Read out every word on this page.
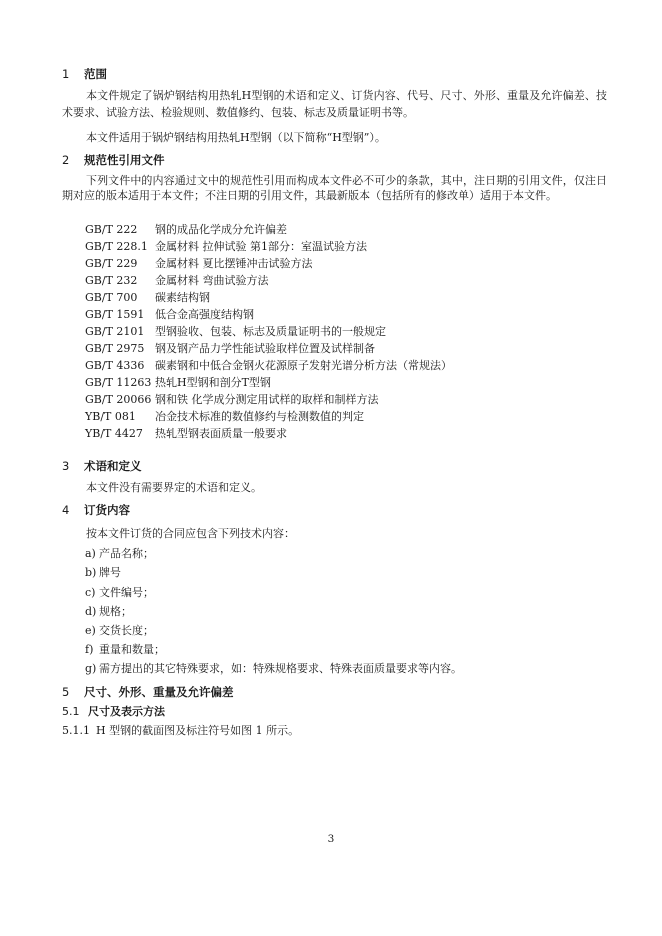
1 范围
本文件规定了锅炉钢结构用热轧H型钢的术语和定义、订货内容、代号、尺寸、外形、重量及允许偏差、技术要求、试验方法、检验规则、数值修约、包装、标志及质量证明书等。
本文件适用于锅炉钢结构用热轧H型钢（以下简称“H型钢”）。
2 规范性引用文件
下列文件中的内容通过文中的规范性引用而构成本文件必不可少的条款，其中，注日期的引用文件，仅注日期对应的版本适用于本文件；不注日期的引用文件，其最新版本（包括所有的修改单）适用于本文件。
GB/T 222 钢的成品化学成分允许偏差
GB/T 228.1 金属材料 拉伸试验 第1部分：室温试验方法
GB/T 229 金属材料 夏比摆锤冲击试验方法
GB/T 232 金属材料 弯曲试验方法
GB/T 700 碳素结构钢
GB/T 1591 低合金高强度结构钢
GB/T 2101 型钢验收、包装、标志及质量证明书的一般规定
GB/T 2975 钢及钢产品力学性能试验取样位置及试样制备
GB/T 4336 碳素钢和中低合金钢火花源原子发射光谱分析方法（常规法）
GB/T 11263 热轧H型钢和剖分T型钢
GB/T 20066 钢和铁 化学成分测定用试样的取样和制样方法
YB/T 081 冶金技术标准的数值修约与检测数值的判定
YB/T 4427 热轧型钢表面质量一般要求
3 术语和定义
本文件没有需要界定的术语和定义。
4 订货内容
按本文件订货的合同应包含下列技术内容：
a) 产品名称；
b) 牌号
c) 文件编号；
d) 规格；
e) 交货长度；
f) 重量和数量；
g) 需方提出的其它特殊要求，如：特殊规格要求、特殊表面质量要求等内容。
5 尺寸、外形、重量及允许偏差
5.1 尺寸及表示方法
5.1.1 H 型钢的截面图及标注符号如图 1 所示。
3
